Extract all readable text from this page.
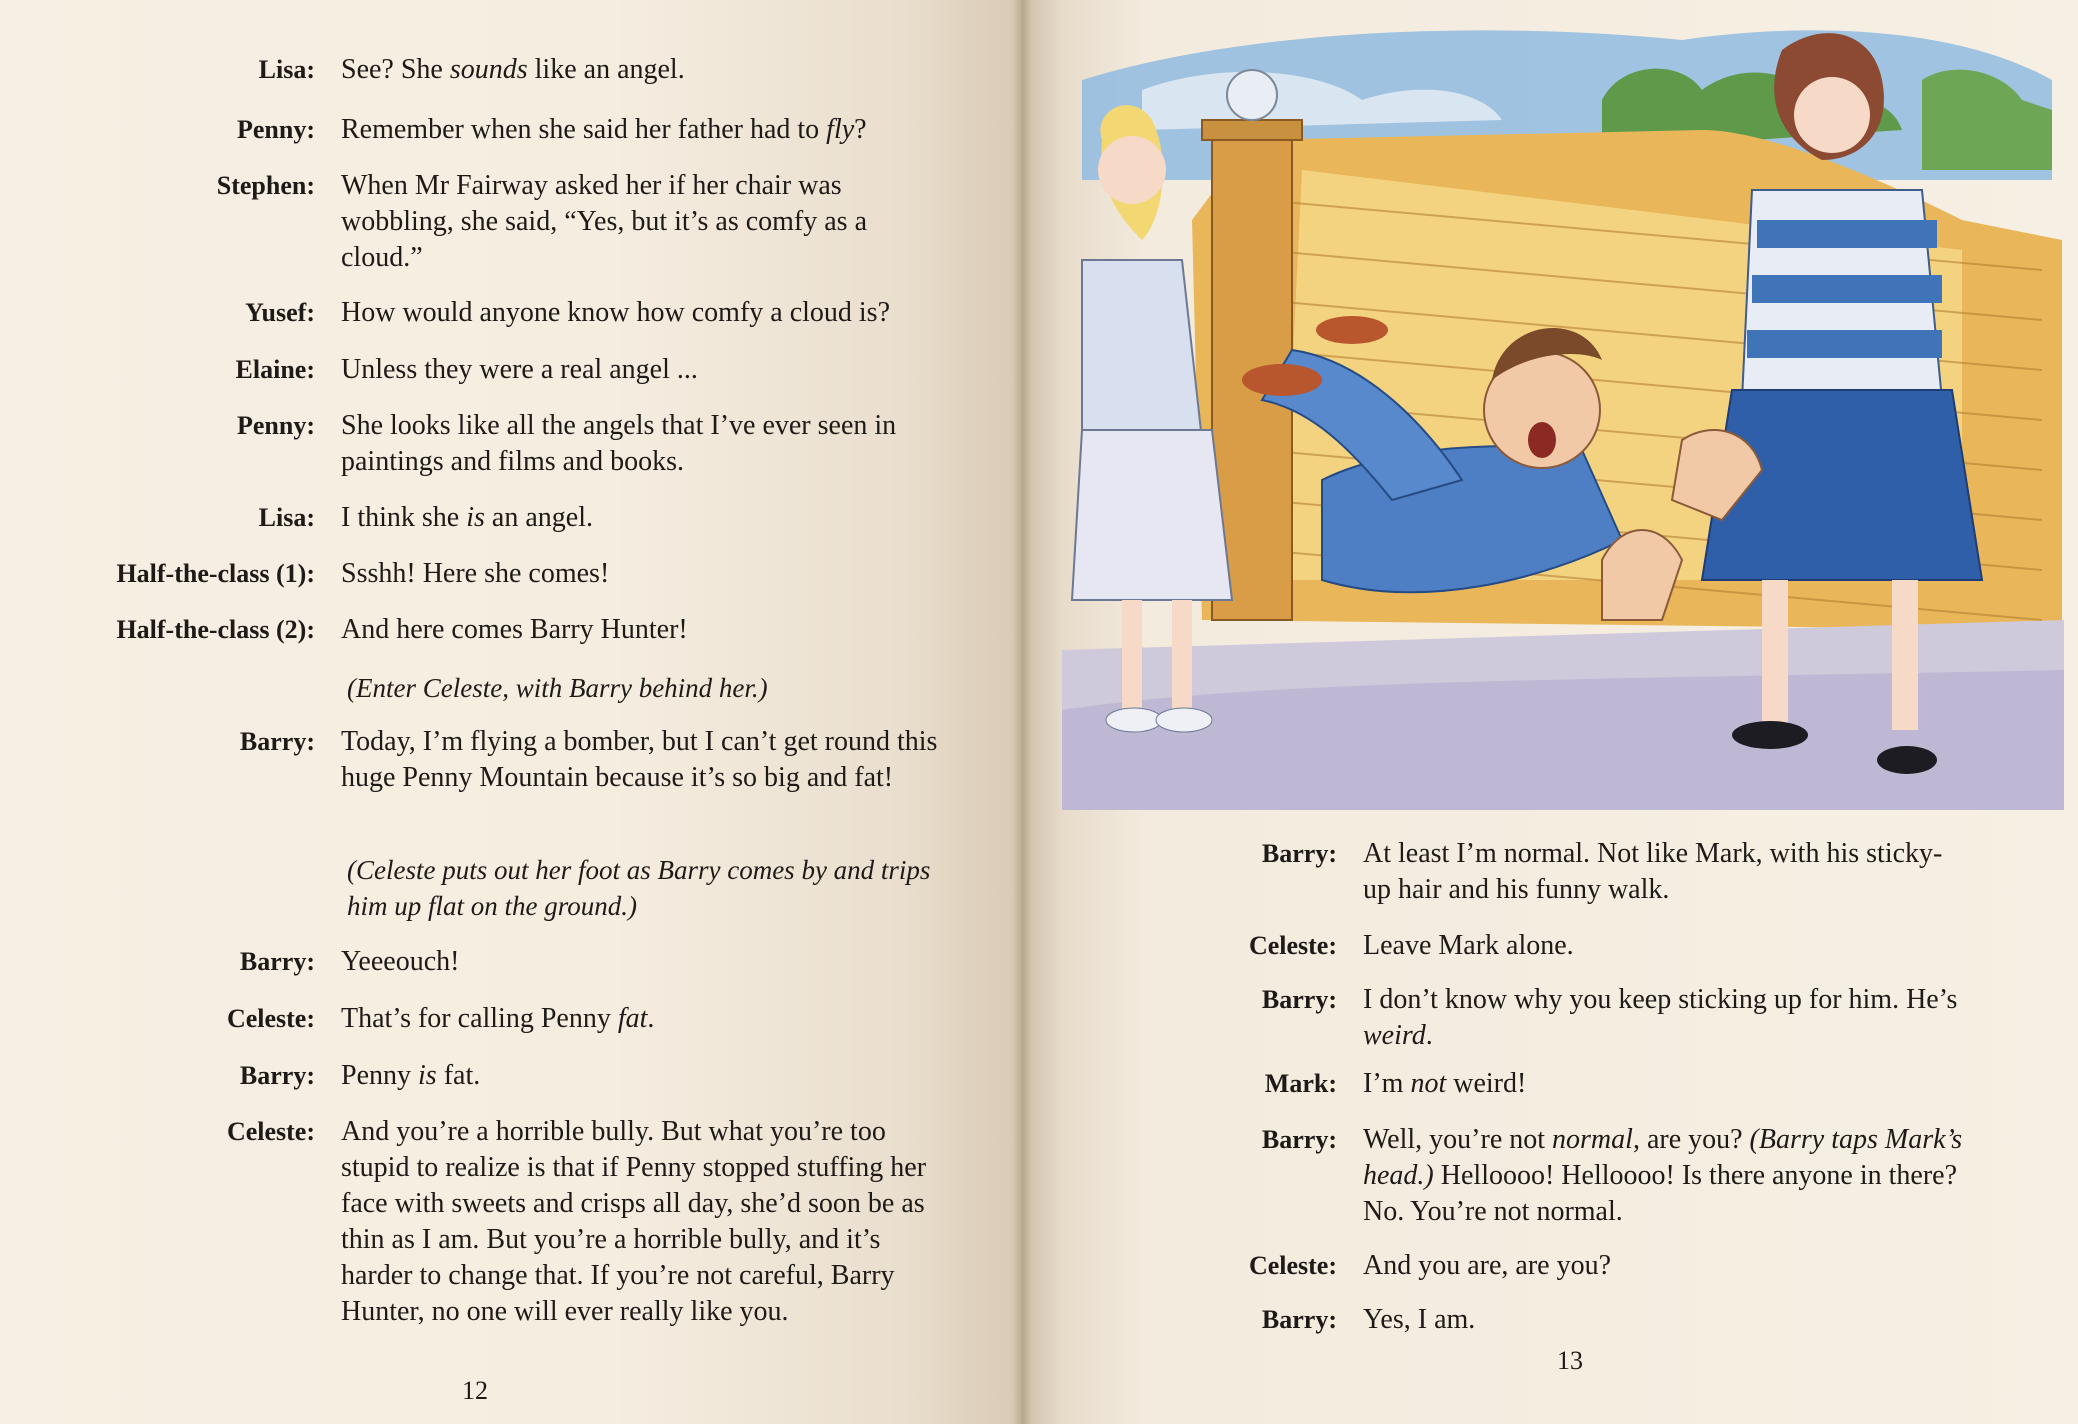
Lisa: See? She sounds like an angel.
Penny: Remember when she said her father had to fly?
Stephen: When Mr Fairway asked her if her chair was wobbling, she said, “Yes, but it’s as comfy as a cloud.”
Yusef: How would anyone know how comfy a cloud is?
Elaine: Unless they were a real angel ...
Penny: She looks like all the angels that I’ve ever seen in paintings and films and books.
Lisa: I think she is an angel.
Half-the-class (1): Ssshh! Here she comes!
Half-the-class (2): And here comes Barry Hunter!
(Enter Celeste, with Barry behind her.)
Barry: Today, I’m flying a bomber, but I can’t get round this huge Penny Mountain because it’s so big and fat!
(Celeste puts out her foot as Barry comes by and trips him up flat on the ground.)
Barry: Yeeeouch!
Celeste: That’s for calling Penny fat.
Barry: Penny is fat.
Celeste: And you’re a horrible bully. But what you’re too stupid to realize is that if Penny stopped stuffing her face with sweets and crisps all day, she’d soon be as thin as I am. But you’re a horrible bully, and it’s harder to change that. If you’re not careful, Barry Hunter, no one will ever really like you.
12
Barry: At least I’m normal. Not like Mark, with his sticky-up hair and his funny walk.
Celeste: Leave Mark alone.
Barry: I don’t know why you keep sticking up for him. He’s weird.
Mark: I’m not weird!
Barry: Well, you’re not normal, are you? (Barry taps Mark’s head.) Helloooo! Helloooo! Is there anyone in there? No. You’re not normal.
Celeste: And you are, are you?
Barry: Yes, I am.
13
